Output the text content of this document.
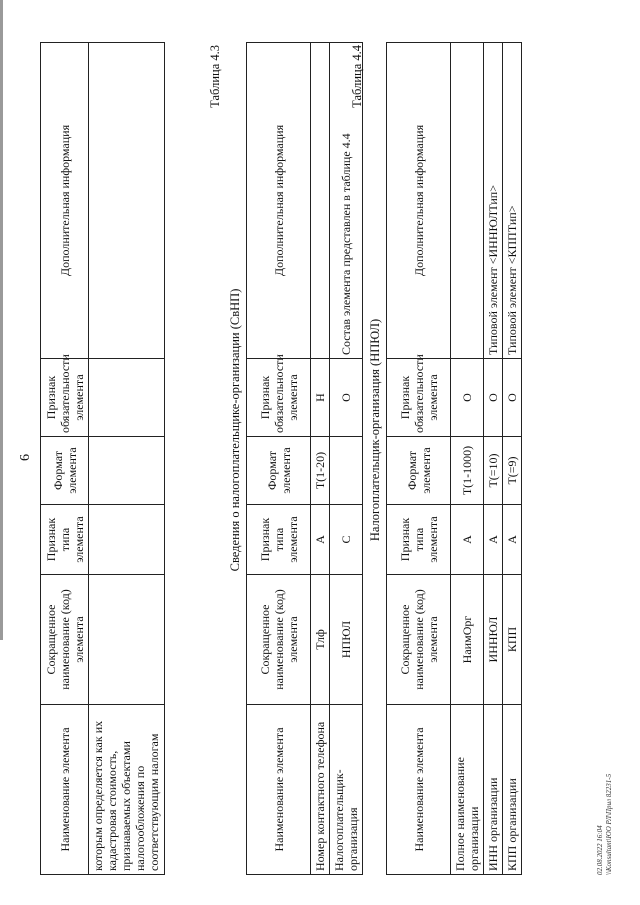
6
Наименование элемента	Сокращенное наименование (код) элемента	Признак типа элемента	Формат элемента	Признак обязательности элемента	Дополнительная информация
которым определяется как их кадастровая стоимость, признаваемых объектами налогообложения по соответствующим налогам					
Таблица 4.3
Сведения о налогоплательщике-организации (СвНП)
Наименование элемента	Сокращенное наименование (код) элемента	Признак типа элемента	Формат элемента	Признак обязательности элемента	Дополнительная информация
Номер контактного телефона	Тлф	А	Т(1-20)	Н	
Налогоплательщик-организация	НПЮЛ	С		О	Состав элемента представлен в таблице 4.4
Таблица 4.4
Налогоплательщик-организация (НПЮЛ)
Наименование элемента	Сокращенное наименование (код) элемента	Признак типа элемента	Формат элемента	Признак обязательности элемента	Дополнительная информация
Полное наименование организации	НаимОрг	А	Т(1-1000)	О	
ИНН организации	ИННЮЛ	А	Т(=10)	О	Типовой элемент <ИННЮЛТип>
КПП организации	КПП	А	Т(=9)	О	Типовой элемент <КППТип>
02.08.2022 16:04 \\Konsultant\ЮО РЛ\Прил 82231-5
